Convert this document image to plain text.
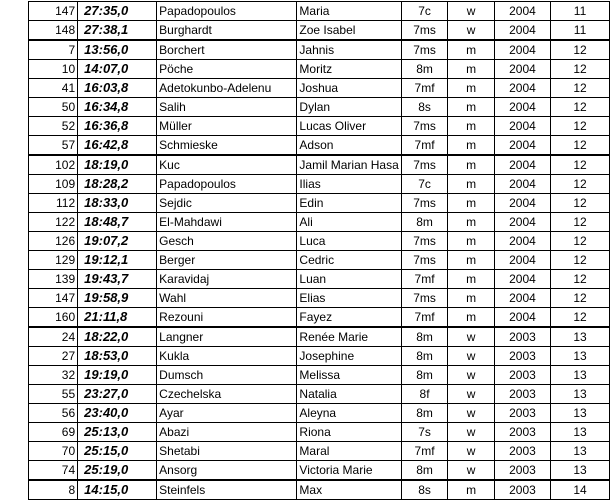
147	27:35,0	Papadopoulos	Maria	7c	w	2004	11
148	27:38,1	Burghardt	Zoe Isabel	7ms	w	2004	11
7	13:56,0	Borchert	Jahnis	7ms	m	2004	12
10	14:07,0	Pöche	Moritz	8m	m	2004	12
41	16:03,8	Adetokunbo-Adelenu	Joshua	7mf	m	2004	12
50	16:34,8	Salih	Dylan	8s	m	2004	12
52	16:36,8	Müller	Lucas Oliver	7ms	m	2004	12
57	16:42,8	Schmieske	Adson	7mf	m	2004	12
102	18:19,0	Kuc	Jamil Marian Hasa	7ms	m	2004	12
109	18:28,2	Papadopoulos	Ilias	7c	m	2004	12
112	18:33,0	Sejdic	Edin	7ms	m	2004	12
122	18:48,7	El-Mahdawi	Ali	8m	m	2004	12
126	19:07,2	Gesch	Luca	7ms	m	2004	12
129	19:12,1	Berger	Cedric	7ms	m	2004	12
139	19:43,7	Karavidaj	Luan	7mf	m	2004	12
147	19:58,9	Wahl	Elias	7ms	m	2004	12
160	21:11,8	Rezouni	Fayez	7mf	m	2004	12
24	18:22,0	Langner	Renée Marie	8m	w	2003	13
27	18:53,0	Kukla	Josephine	8m	w	2003	13
32	19:19,0	Dumsch	Melissa	8m	w	2003	13
55	23:27,0	Czechelska	Natalia	8f	w	2003	13
56	23:40,0	Ayar	Aleyna	8m	w	2003	13
69	25:13,0	Abazi	Riona	7s	w	2003	13
70	25:15,0	Shetabi	Maral	7mf	w	2003	13
74	25:19,0	Ansorg	Victoria Marie	8m	w	2003	13
8	14:15,0	Steinfels	Max	8s	m	2003	14
